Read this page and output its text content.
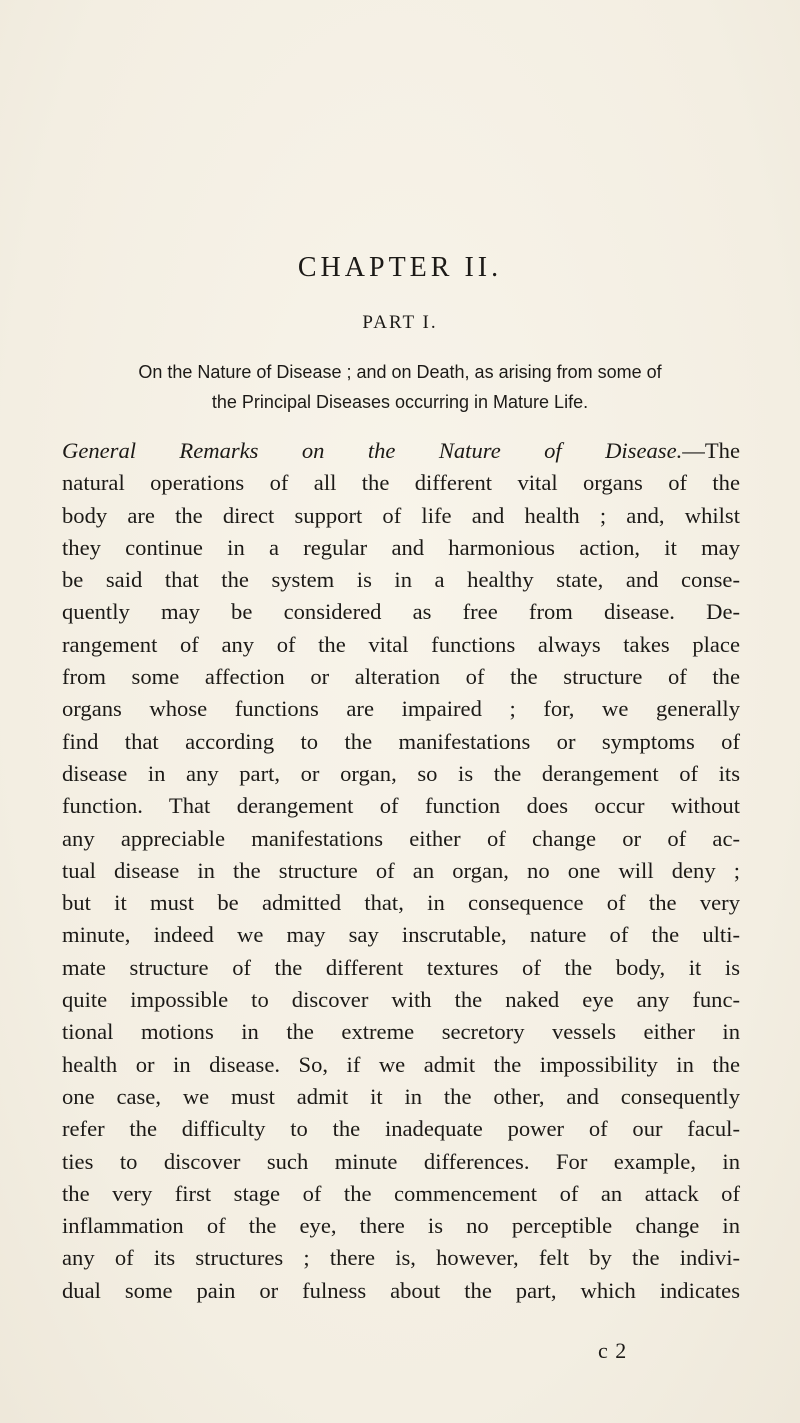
CHAPTER II.
PART I.

On the Nature of Disease ; and on Death, as arising from some of
the Principal Diseases occurring in Mature Life.

General Remarks on the Nature of Disease.—The
natural operations of all the different vital organs of the
body are the direct support of life and health ; and, whilst
they continue in a regular and harmonious action, it may
be said that the system is in a healthy state, and conse-
quently may be considered as free from disease. De-
rangement of any of the vital functions always takes place
from some affection or alteration of the structure of the
organs whose functions are impaired ; for, we generally
find that according to the manifestations or symptoms of
disease in any part, or organ, so is the derangement of its
function. That derangement of function does occur without
any appreciable manifestations either of change or of ac-
tual disease in the structure of an organ, no one will deny ;
but it must be admitted that, in consequence of the very
minute, indeed we may say inscrutable, nature of the ulti-
mate structure of the different textures of the body, it is
quite impossible to discover with the naked eye any func-
tional motions in the extreme secretory vessels either in
health or in disease. So, if we admit the impossibility in the
one case, we must admit it in the other, and consequently
refer the difficulty to the inadequate power of our facul-
ties to discover such minute differences. For example, in
the very first stage of the commencement of an attack of
inflammation of the eye, there is no perceptible change in
any of its structures ; there is, however, felt by the indivi-
dual some pain or fulness about the part, which indicates

c 2
